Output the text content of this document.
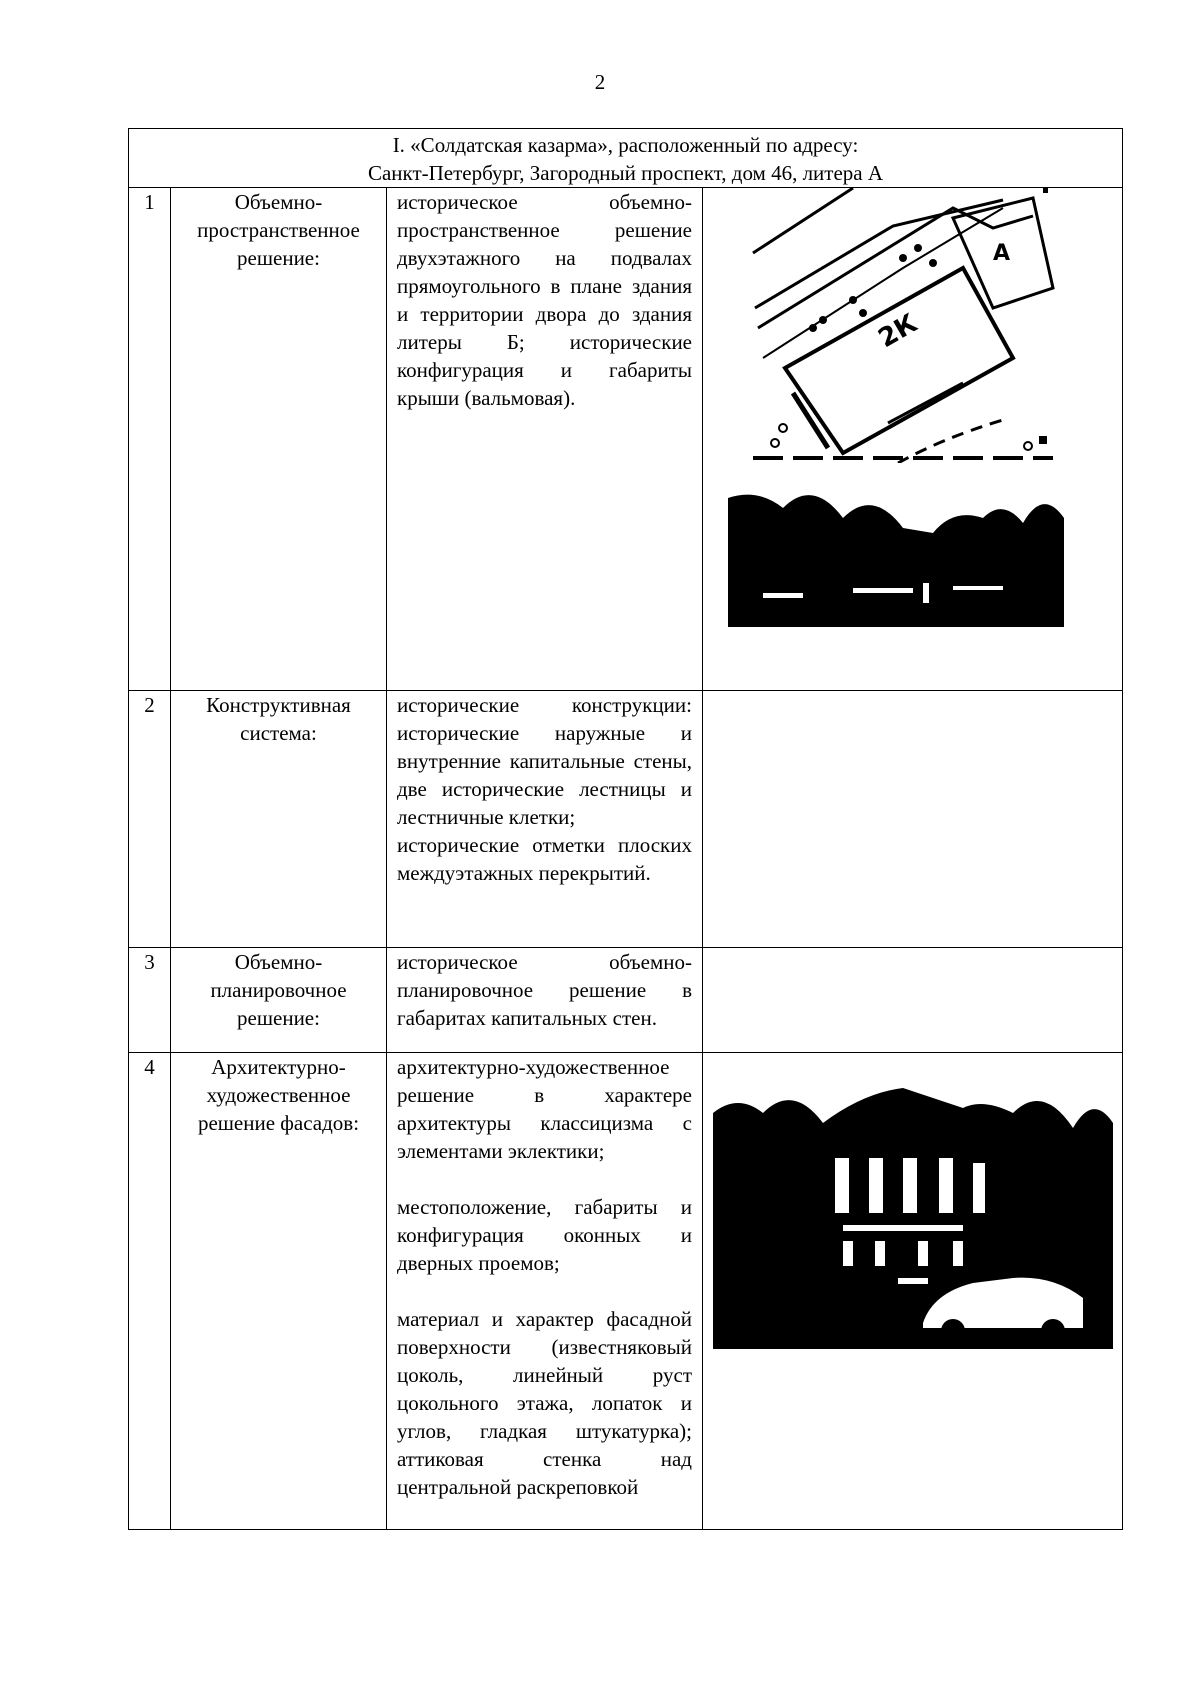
2
I. «Солдатская казарма», расположенный по адресу:
Санкт-Петербург, Загородный проспект, дом 46, литера А			

1	Объемно-пространственное решение:	историческое объемно-пространственное решение двухэтажного на подвалах прямоугольного в плане здания и территории двора до здания литеры Б; исторические конфигурация и габариты крыши (вальмовая).	2К
А

2	Конструктивная система:	исторические конструкции: исторические наружные и внутренние капитальные стены, две исторические лестницы и лестничные клетки;
исторические отметки плоских междуэтажных перекрытий.	

3	Объемно-планировочное решение:	историческое объемно-планировочное решение в габаритах капитальных стен.	

4	Архитектурно-художественное решение фасадов:	архитектурно-художественное решение в характере архитектуры классицизма с элементами эклектики;

местоположение, габариты и конфигурация оконных и дверных проемов;

материал и характер фасадной поверхности (известняковый цоколь, линейный руст цокольного этажа, лопаток и углов, гладкая штукатурка); аттиковая стенка над центральной раскреповкой
